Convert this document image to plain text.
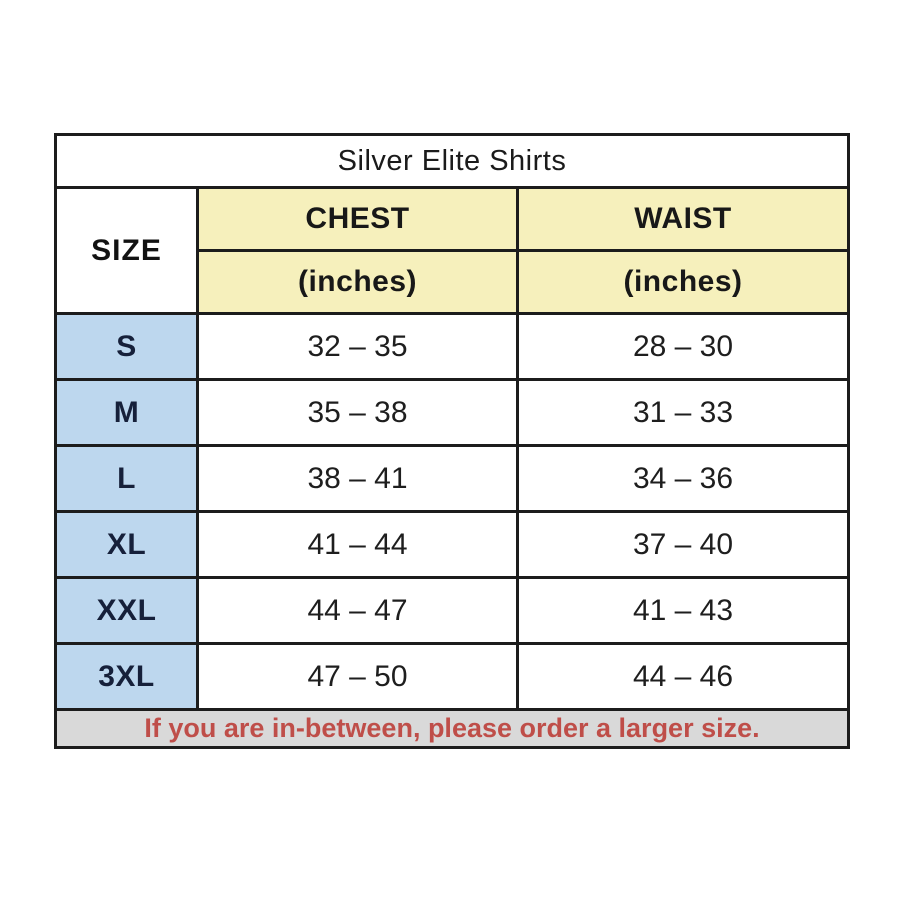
Silver Elite Shirts		
SIZE	CHEST	WAIST
	(inches)	(inches)
S	32 – 35	28 – 30
M	35 – 38	31 – 33
L	38 – 41	34 – 36
XL	41 – 44	37 – 40
XXL	44 – 47	41 – 43
3XL	47 – 50	44 – 46
If you are in-between, please order a larger size.		
